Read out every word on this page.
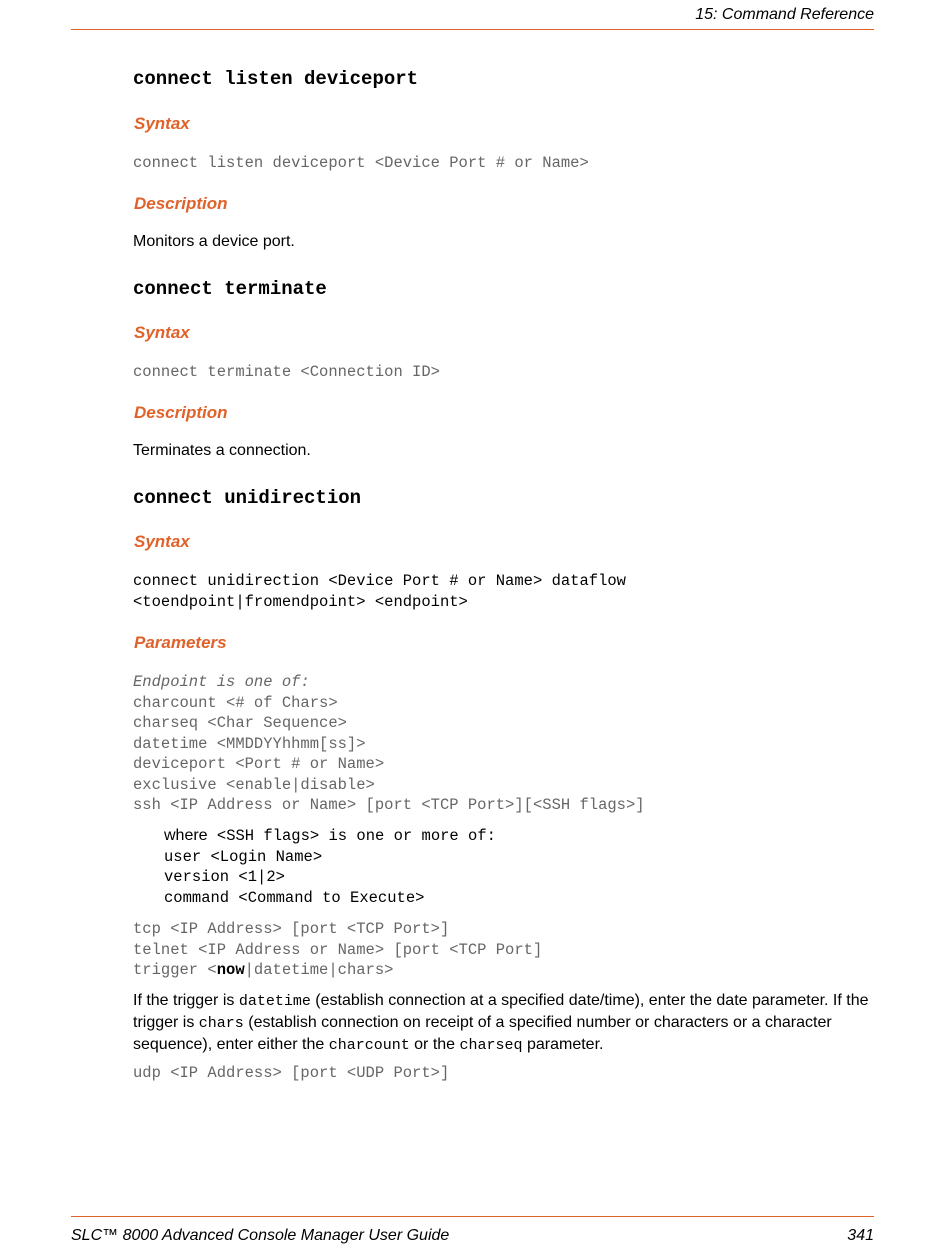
15: Command Reference
connect listen deviceport
Syntax
connect listen deviceport <Device Port # or Name>
Description
Monitors a device port.
connect terminate
Syntax
connect terminate <Connection ID>
Description
Terminates a connection.
connect unidirection
Syntax
connect unidirection <Device Port # or Name> dataflow
<toendpoint|fromendpoint> <endpoint>
Parameters
Endpoint is one of:
charcount <# of Chars>
charseq <Char Sequence>
datetime <MMDDYYhhmm[ss]>
deviceport <Port # or Name>
exclusive <enable|disable>
ssh <IP Address or Name> [port <TCP Port>][<SSH flags>]
where <SSH flags> is one or more of:
user <Login Name>
version <1|2>
command <Command to Execute>
tcp <IP Address> [port <TCP Port>]
telnet <IP Address or Name> [port <TCP Port]
trigger <now|datetime|chars>
If the trigger is datetime (establish connection at a specified date/time), enter the date parameter. If the trigger is chars (establish connection on receipt of a specified number or characters or a character sequence), enter either the charcount or the charseq parameter.
udp <IP Address> [port <UDP Port>]
SLC™ 8000 Advanced Console Manager User Guide	341
